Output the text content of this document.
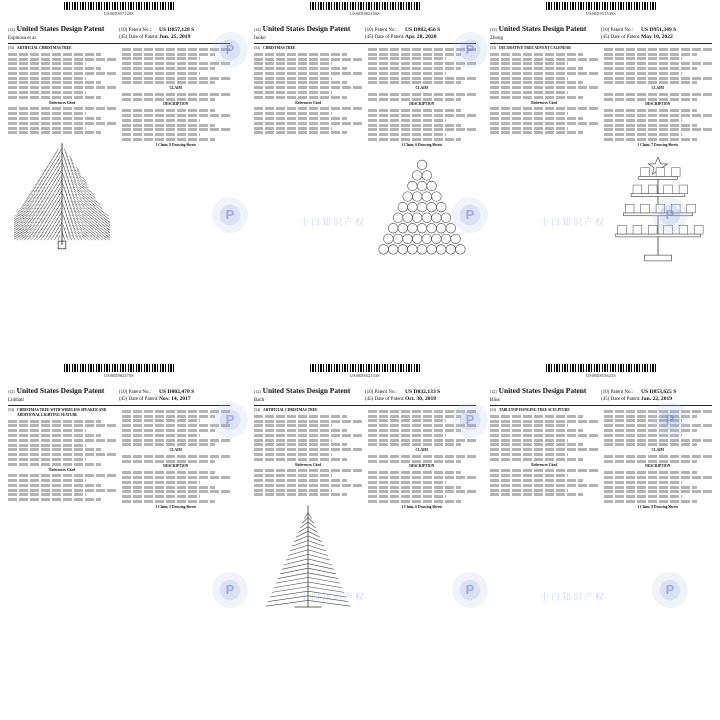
US00D857128S
(12) United States Design Patent
Espinosa et al.
(10) Patent No.: US D857,128 S
(45) Date of Patent:Jun. 25, 2019
(54) ARTIFICIAL CHRISTMAS TREE
References Cited
CLAIM
DESCRIPTION
1 Claim, 8 Drawing Sheets
US00D882456S
(12) United States Design Patent
Inoko
(10) Patent No.: US D882,456 S
(45) Date of Patent:Apr. 28, 2020
(54) CHRISTMAS TREE
References Cited
CLAIM
DESCRIPTION
1 Claim, 6 Drawing Sheets
US00D951349S
(12) United States Design Patent
Zhong
(10) Patent No.: US D951,349 S
(45) Date of Patent:May 10, 2022
(54) DECORATIVE TREE ADVENT CALENDAR
References Cited
CLAIM
DESCRIPTION
1 Claim, 7 Drawing Sheets
US00D802470S
(12) United States Design Patent
Liddiatt
(10) Patent No.: US D802,470 S
(45) Date of Patent:Nov. 14, 2017
(54) CHRISTMAS TREE WITH WIRELESS SPEAKER AND ADDITIONAL LIGHTING FEATURE
References Cited
CLAIM
DESCRIPTION
1 Claim, 5 Drawing Sheets
US00D832133S
(12) United States Design Patent
Bach
(10) Patent No.: US D832,133 S
(45) Date of Patent:Oct. 30, 2018
(54) ARTIFICIAL CHRISTMAS TREE
References Cited
CLAIM
DESCRIPTION
1 Claim, 6 Drawing Sheets
US00D853625S
(12) United States Design Patent
Bliss
(10) Patent No.: US D853,625 S
(45) Date of Patent:Jan. 22, 2019
(54) TABLETOP HANGING TREE SCULPTURE
References Cited
CLAIM
DESCRIPTION
1 Claim, 8 Drawing Sheets
P
P
P
P	P
P	P
P
P
P
P
小白知识产权	小白知识产权
小白知识产权	小白知识产权
